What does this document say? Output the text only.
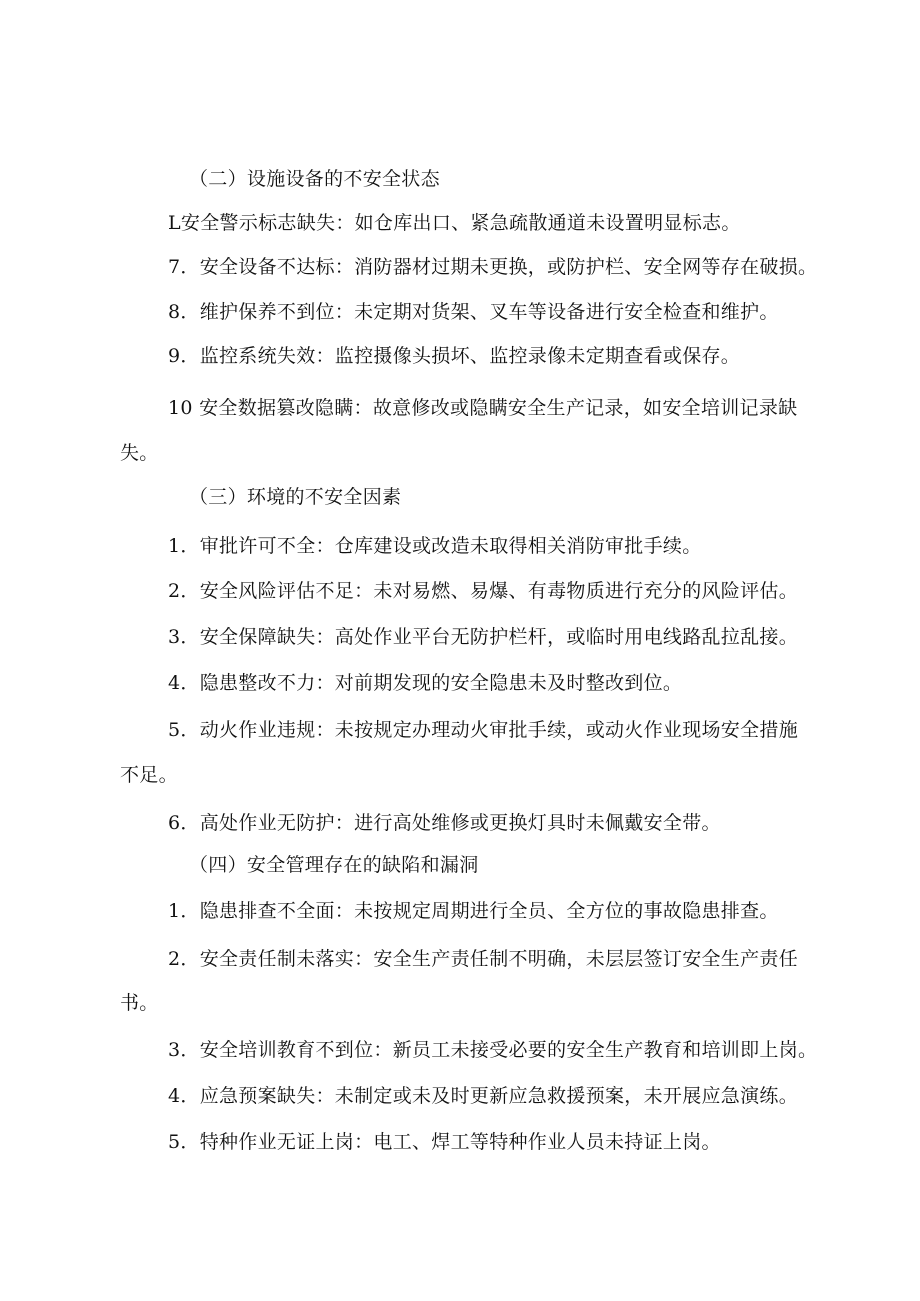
（二）设施设备的不安全状态
L安全警示标志缺失：如仓库出口、紧急疏散通道未设置明显标志。
7．安全设备不达标：消防器材过期未更换，或防护栏、安全网等存在破损。
8．维护保养不到位：未定期对货架、叉车等设备进行安全检查和维护。
9．监控系统失效：监控摄像头损坏、监控录像未定期查看或保存。
10 安全数据篡改隐瞒：故意修改或隐瞒安全生产记录，如安全培训记录缺
失。
（三）环境的不安全因素
1．审批许可不全：仓库建设或改造未取得相关消防审批手续。
2．安全风险评估不足：未对易燃、易爆、有毒物质进行充分的风险评估。
3．安全保障缺失：高处作业平台无防护栏杆，或临时用电线路乱拉乱接。
4．隐患整改不力：对前期发现的安全隐患未及时整改到位。
5．动火作业违规：未按规定办理动火审批手续，或动火作业现场安全措施
不足。
6．高处作业无防护：进行高处维修或更换灯具时未佩戴安全带。
（四）安全管理存在的缺陷和漏洞
1．隐患排查不全面：未按规定周期进行全员、全方位的事故隐患排查。
2．安全责任制未落实：安全生产责任制不明确，未层层签订安全生产责任
书。
3．安全培训教育不到位：新员工未接受必要的安全生产教育和培训即上岗。
4．应急预案缺失：未制定或未及时更新应急救援预案，未开展应急演练。
5．特种作业无证上岗：电工、焊工等特种作业人员未持证上岗。
